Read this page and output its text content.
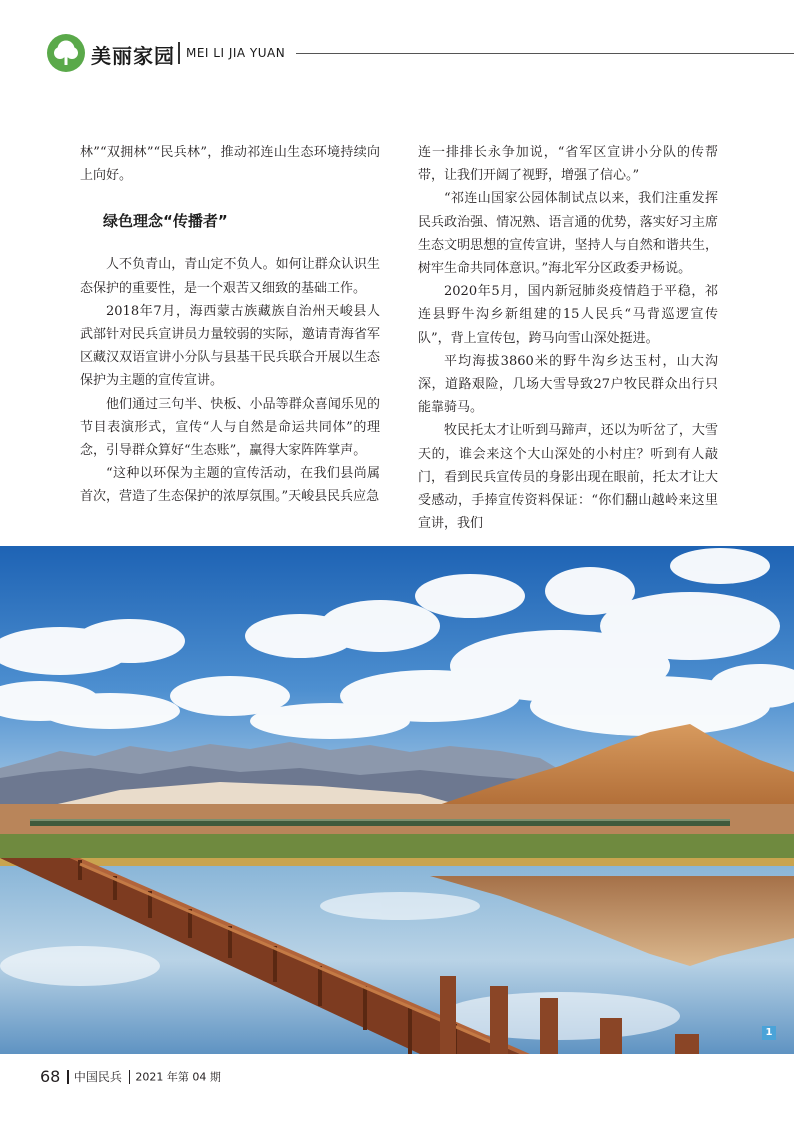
美丽家园 MEI LI JIA YUAN

林”“双拥林”“民兵林”，推动祁连山生态环境持续向上向好。

绿色理念“传播者”

人不负青山，青山定不负人。如何让群众认识生态保护的重要性，是一个艰苦又细致的基础工作。

2018年7月，海西蒙古族藏族自治州天峻县人武部针对民兵宣讲员力量较弱的实际，邀请青海省军区藏汉双语宣讲小分队与县基干民兵联合开展以生态保护为主题的宣传宣讲。

他们通过三句半、快板、小品等群众喜闻乐见的节目表演形式，宣传“人与自然是命运共同体”的理念，引导群众算好“生态账”，赢得大家阵阵掌声。

“这种以环保为主题的宣传活动，在我们县尚属首次，营造了生态保护的浓厚氛围。”天峻县民兵应急

连一排排长永争加说，“省军区宣讲小分队的传帮带，让我们开阔了视野，增强了信心。”

“祁连山国家公园体制试点以来，我们注重发挥民兵政治强、情况熟、语言通的优势，落实好习主席生态文明思想的宣传宣讲，坚持人与自然和谐共生，树牢生命共同体意识。”海北军分区政委尹杨说。

2020年5月，国内新冠肺炎疫情趋于平稳，祁连县野牛沟乡新组建的15人民兵“马背巡逻宣传队”，背上宣传包，跨马向雪山深处挺进。

平均海拔3860米的野牛沟乡达玉村，山大沟深，道路艰险，几场大雪导致27户牧民群众出行只能靠骑马。

牧民托太才让听到马蹄声，还以为听岔了，大雪天的，谁会来这个大山深处的小村庄？听到有人敲门，看到民兵宣传员的身影出现在眼前，托太才让大受感动，手捧宣传资料保证：“你们翻山越岭来这里宣讲，我们

1
68 中国民兵 2021 年第 04 期
